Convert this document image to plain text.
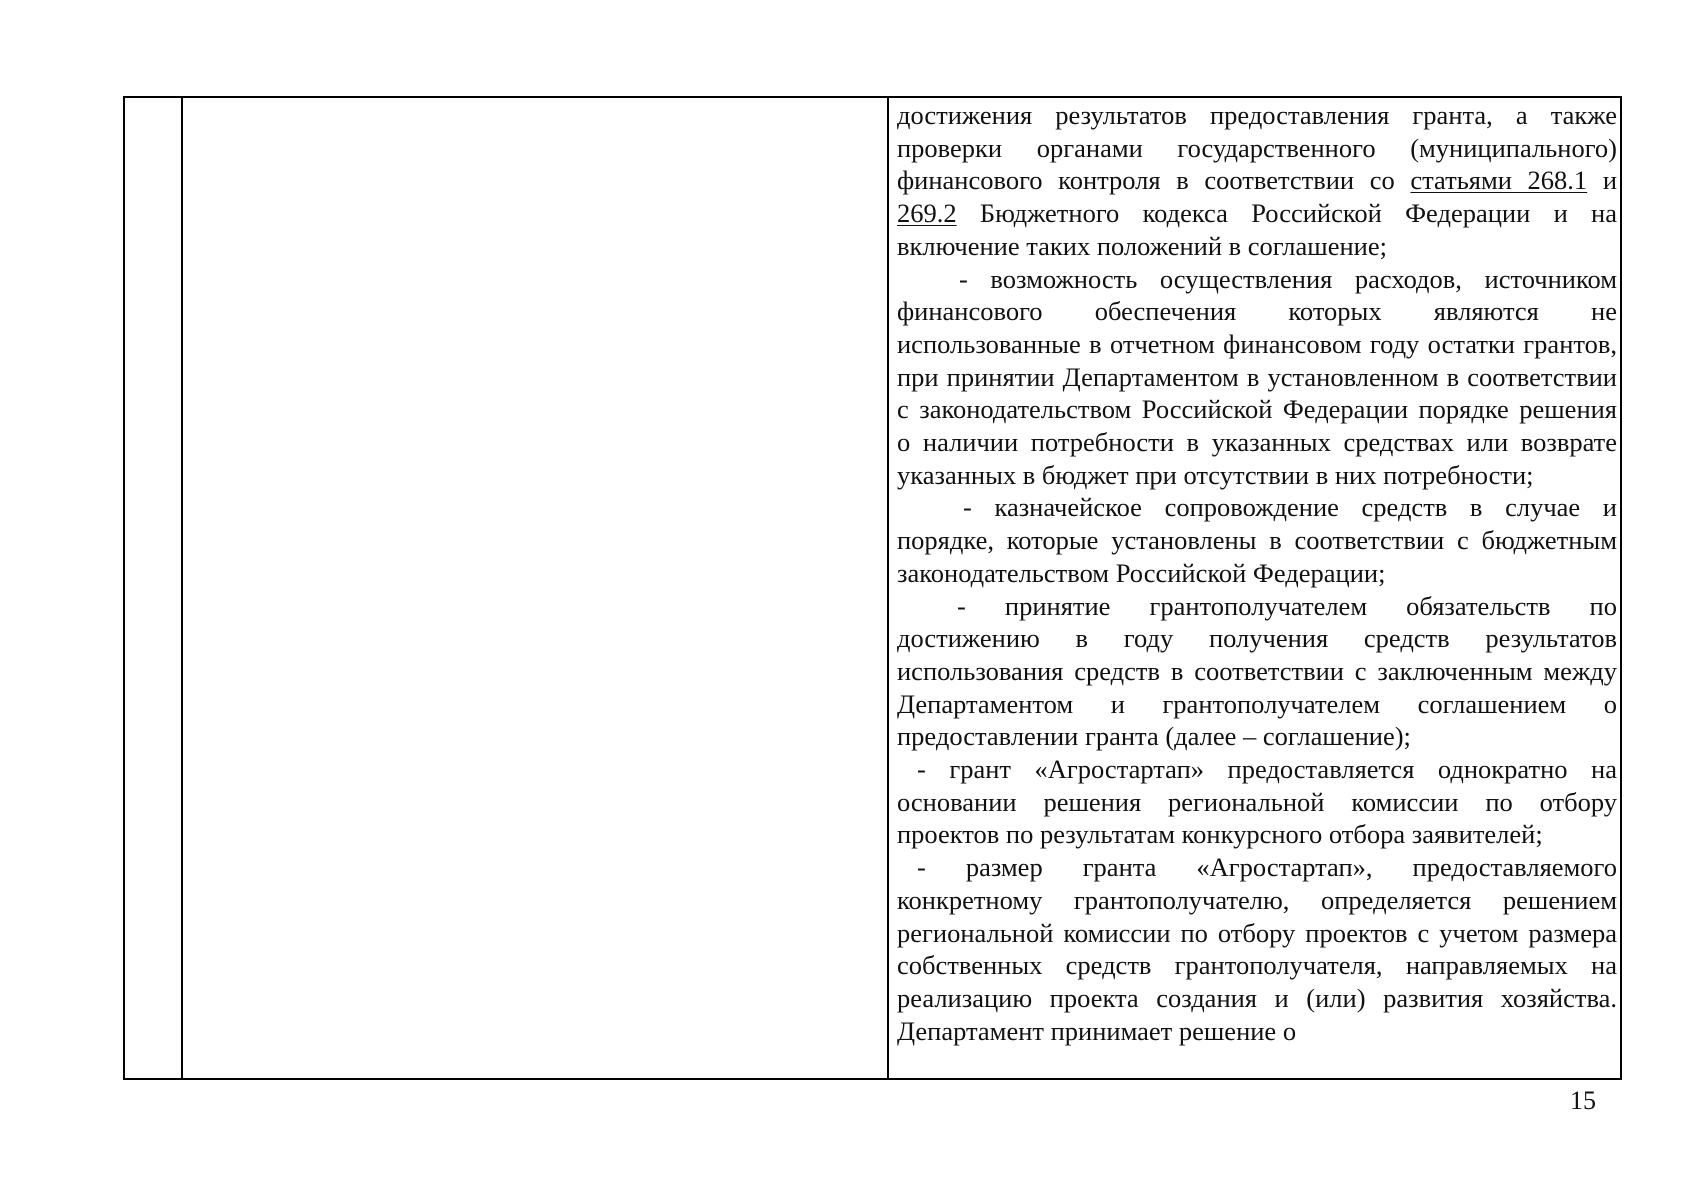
достижения результатов предоставления гранта, а также проверки органами государственного (муниципального) финансового контроля в соответствии со статьями 268.1 и 269.2 Бюджетного кодекса Российской Федерации и на включение таких положений в соглашение;

- возможность осуществления расходов, источником финансового обеспечения которых являются не использованные в отчетном финансовом году остатки грантов, при принятии Департаментом в установленном в соответствии с законодательством Российской Федерации порядке решения о наличии потребности в указанных средствах или возврате указанных в бюджет при отсутствии в них потребности;

- казначейское сопровождение средств в случае и порядке, которые установлены в соответствии с бюджетным законодательством Российской Федерации;

- принятие грантополучателем обязательств по достижению в году получения средств результатов использования средств в соответствии с заключенным между Департаментом и грантополучателем соглашением о предоставлении гранта (далее – соглашение);

- грант «Агростартап» предоставляется однократно на основании решения региональной комиссии по отбору проектов по результатам конкурсного отбора заявителей;

- размер гранта «Агростартап», предоставляемого конкретному грантополучателю, определяется решением региональной комиссии по отбору проектов с учетом размера собственных средств грантополучателя, направляемых на реализацию проекта создания и (или) развития хозяйства. Департамент принимает решение о

15
